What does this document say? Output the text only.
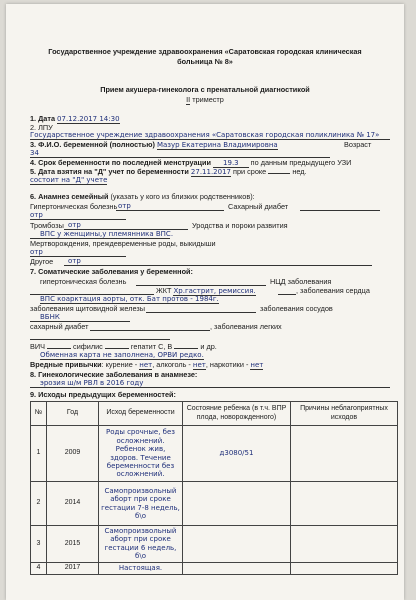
Государственное учреждение здравоохранения «Саратовская городская клиническая
больница № 8»
Прием акушера-гинеколога с пренатальной диагностикой
II триместр
1. Дата 07.12.2017 14:30
2. ЛПУ
Государственное учреждение здравоохранения «Саратовская городская поликлиника № 17»
3. Ф.И.О. беременной (полностью) Мазур Екатерина Владимировна	Возраст
34
4. Срок беременности по последней менструации 19.3 по данным предыдущего УЗИ
5. Дата взятия на "Д" учет по беременности 27.11.2017 при сроке	нед.
состоит на "Д" учете
6. Анамнез семейный (указать у кого из близких родственников):
Гипертоническая болезнь отр	Сахарный диабет
отр
Тромбозы отр	Уродства и пороки развития
ВПС у женщины,у племянника ВПС.
Мертворождения, преждевременные роды, выкидыши
отр
Другое отр
7. Соматические заболевания у беременной:
гипертоническая болезнь	НЦД заболевания
ЖКТ Хр.гастрит, ремиссия.	, заболевания сердца
ВПС коарктация аорты, отк. Бат протов - 1984г.
заболевания щитовидной железы	заболевания сосудов
ВБНК
сахарный диабет	, заболевания легких
ВИЧ	сифилис	гепатит С, В	и др.
Обменная карта не заполнена, ОРВИ редко.
Вредные привычки: курение - нет, алкоголь - нет, наркотики - нет
8. Гинекологические заболевания в анамнезе:
эрозия ш/м РВЛ в 2016 году
9. Исходы предыдущих беременностей:
№	Год	Исход беременности	Состояние ребенка (в т.ч. ВПР плода, новорожденного)	Причины неблагоприятных исходов
1	2009	Роды срочные, без осложнений. Ребенок жив, здоров. Течение беременности без осложнений.	д3080/51	
2	2014	Самопроизвольный аборт при сроке гестации 7-8 недель, б\о		
3	2015	Самопроизвольный аборт при сроке гестации 6 недель, б\о		
4	2017	Настоящая.		
